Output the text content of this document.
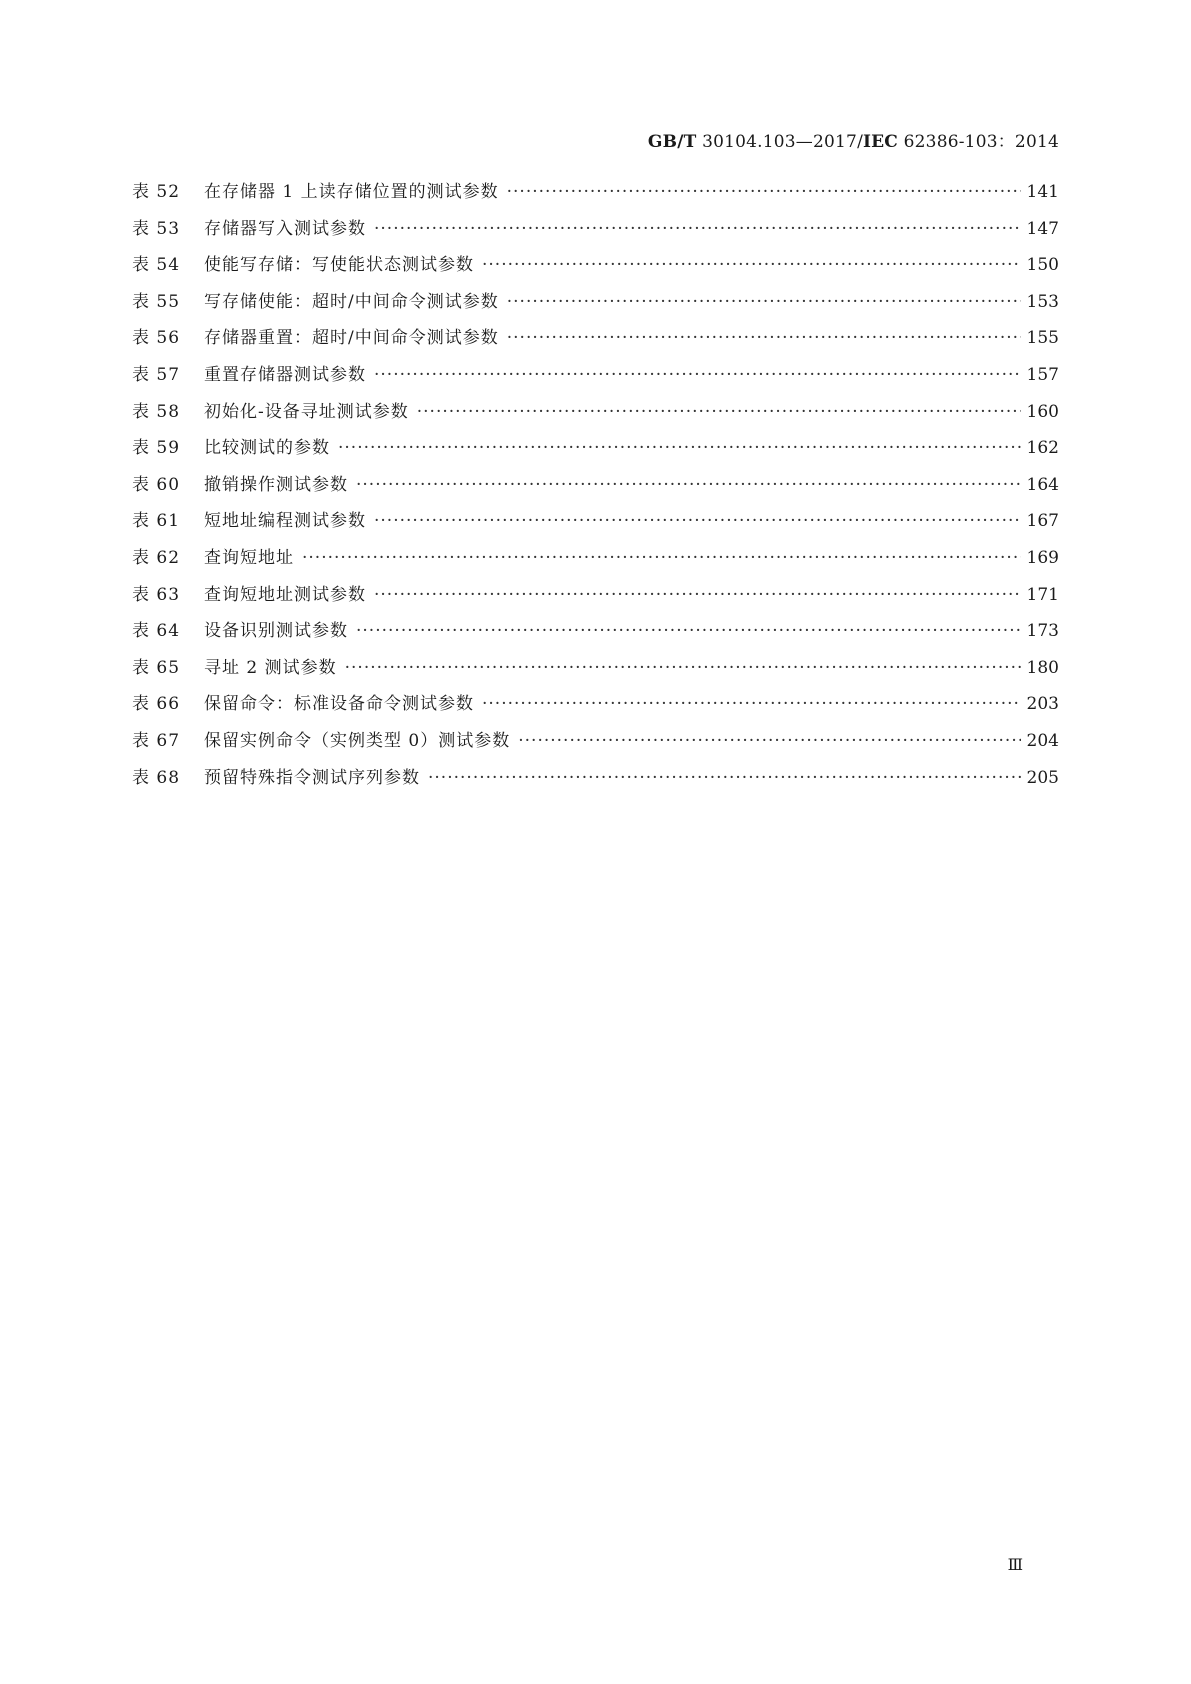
GB/T 30104.103—2017/IEC 62386-103：2014
表 52	在存储器 1 上读存储位置的测试参数 ·····	141
表 53	存储器写入测试参数 ·····	147
表 54	使能写存储：写使能状态测试参数 ·····	150
表 55	写存储使能：超时/中间命令测试参数 ·····	153
表 56	存储器重置：超时/中间命令测试参数 ·····	155
表 57	重置存储器测试参数 ·····	157
表 58	初始化-设备寻址测试参数 ·····	160
表 59	比较测试的参数 ·····	162
表 60	撤销操作测试参数 ·····	164
表 61	短地址编程测试参数 ·····	167
表 62	查询短地址 ·····	169
表 63	查询短地址测试参数 ·····	171
表 64	设备识别测试参数 ·····	173
表 65	寻址 2 测试参数 ·····	180
表 66	保留命令：标准设备命令测试参数 ·····	203
表 67	保留实例命令（实例类型 0）测试参数 ·····	204
表 68	预留特殊指令测试序列参数 ·····	205
Ⅲ
